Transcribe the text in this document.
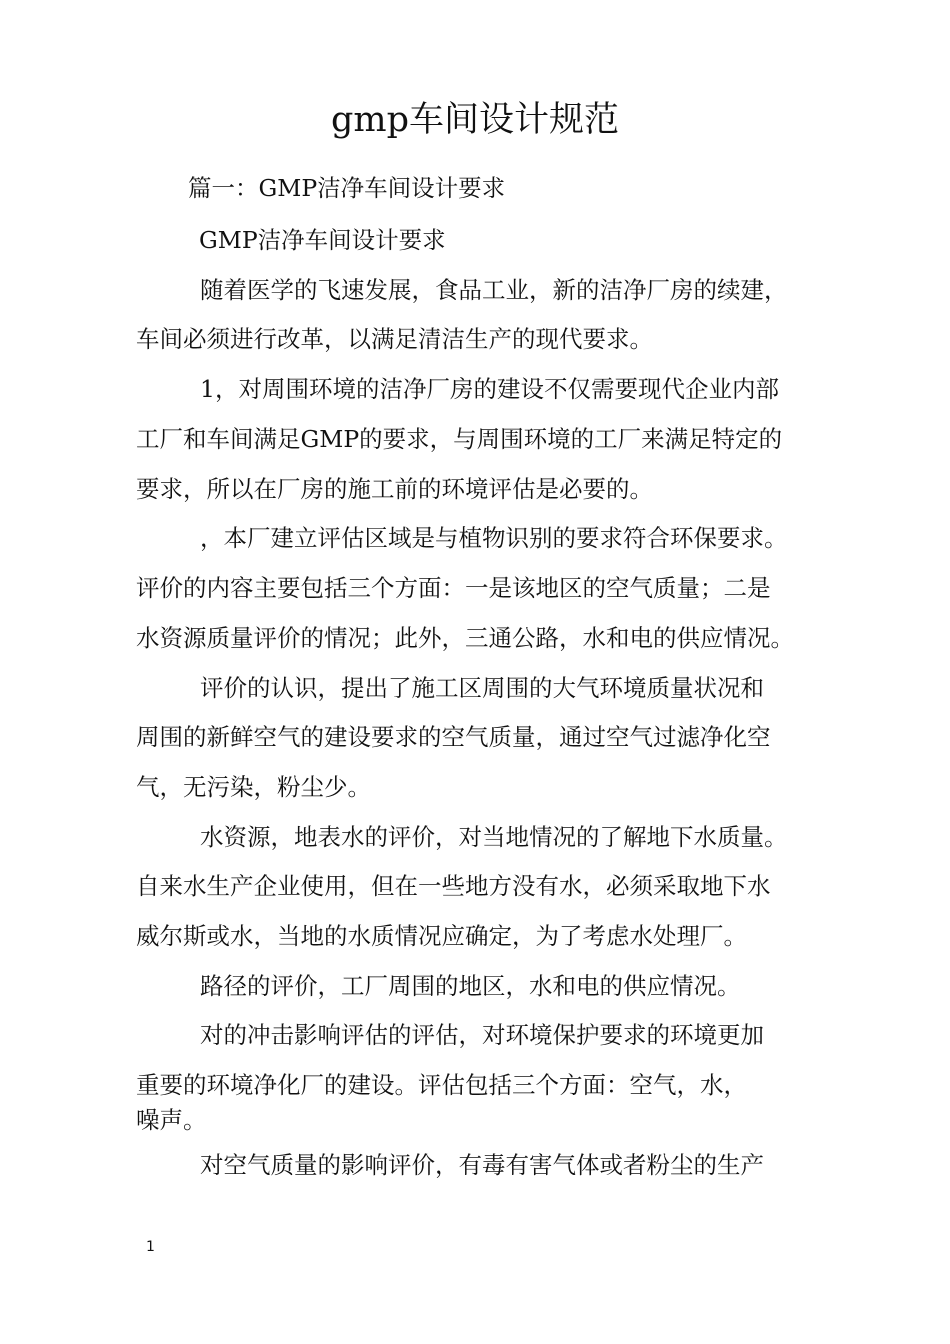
gmp车间设计规范
篇一：GMP洁净车间设计要求
GMP洁净车间设计要求
随着医学的飞速发展，食品工业，新的洁净厂房的续建，
车间必须进行改革，以满足清洁生产的现代要求。
1，对周围环境的洁净厂房的建设不仅需要现代企业内部
工厂和车间满足GMP的要求，与周围环境的工厂来满足特定的
要求，所以在厂房的施工前的环境评估是必要的。
，本厂建立评估区域是与植物识别的要求符合环保要求。
评价的内容主要包括三个方面：一是该地区的空气质量；二是
水资源质量评价的情况；此外，三通公路，水和电的供应情况。
评价的认识，提出了施工区周围的大气环境质量状况和
周围的新鲜空气的建设要求的空气质量，通过空气过滤净化空
气，无污染，粉尘少。
水资源，地表水的评价，对当地情况的了解地下水质量。
自来水生产企业使用，但在一些地方没有水，必须采取地下水
威尔斯或水，当地的水质情况应确定，为了考虑水处理厂。
路径的评价，工厂周围的地区，水和电的供应情况。
对的冲击影响评估的评估，对环境保护要求的环境更加
重要的环境净化厂的建设。评估包括三个方面：空气，水，
噪声。
对空气质量的影响评价，有毒有害气体或者粉尘的生产
1
